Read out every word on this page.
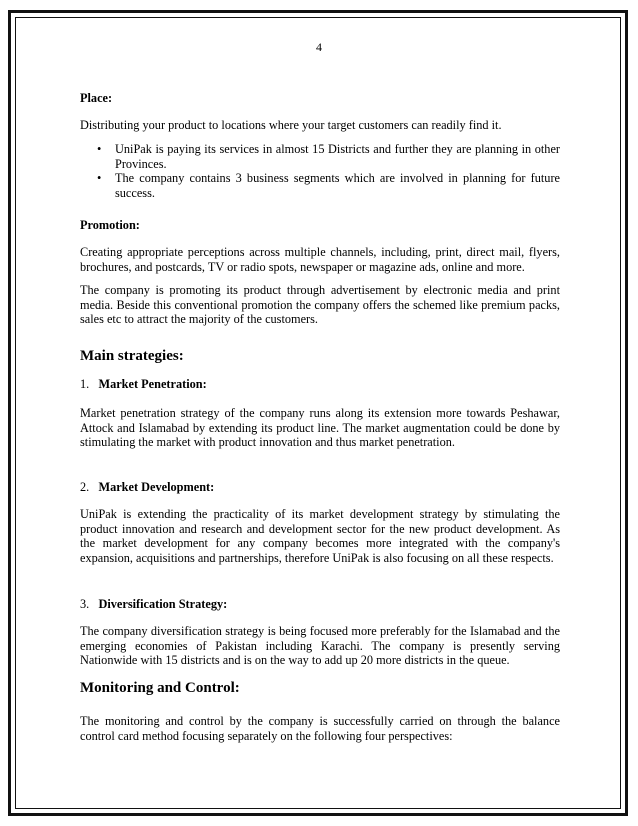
4

Place:

Distributing your product to locations where your target customers can readily find it.

• UniPak is paying its services in almost 15 Districts and further they are planning in other Provinces.
• The company contains 3 business segments which are involved in planning for future success.

Promotion:

Creating appropriate perceptions across multiple channels, including, print, direct mail, flyers, brochures, and postcards, TV or radio spots, newspaper or magazine ads, online and more.

The company is promoting its product through advertisement by electronic media and print media. Beside this conventional promotion the company offers the schemed like premium packs, sales etc to attract the majority of the customers.

Main strategies:

1. Market Penetration:

Market penetration strategy of the company runs along its extension more towards Peshawar, Attock and Islamabad by extending its product line. The market augmentation could be done by stimulating the market with product innovation and thus market penetration.

2. Market Development:

UniPak is extending the practicality of its market development strategy by stimulating the product innovation and research and development sector for the new product development. As the market development for any company becomes more integrated with the company's expansion, acquisitions and partnerships, therefore UniPak is also focusing on all these respects.

3. Diversification Strategy:

The company diversification strategy is being focused more preferably for the Islamabad and the emerging economies of Pakistan including Karachi. The company is presently serving Nationwide with 15 districts and is on the way to add up 20 more districts in the queue.

Monitoring and Control:

The monitoring and control by the company is successfully carried on through the balance control card method focusing separately on the following four perspectives:
